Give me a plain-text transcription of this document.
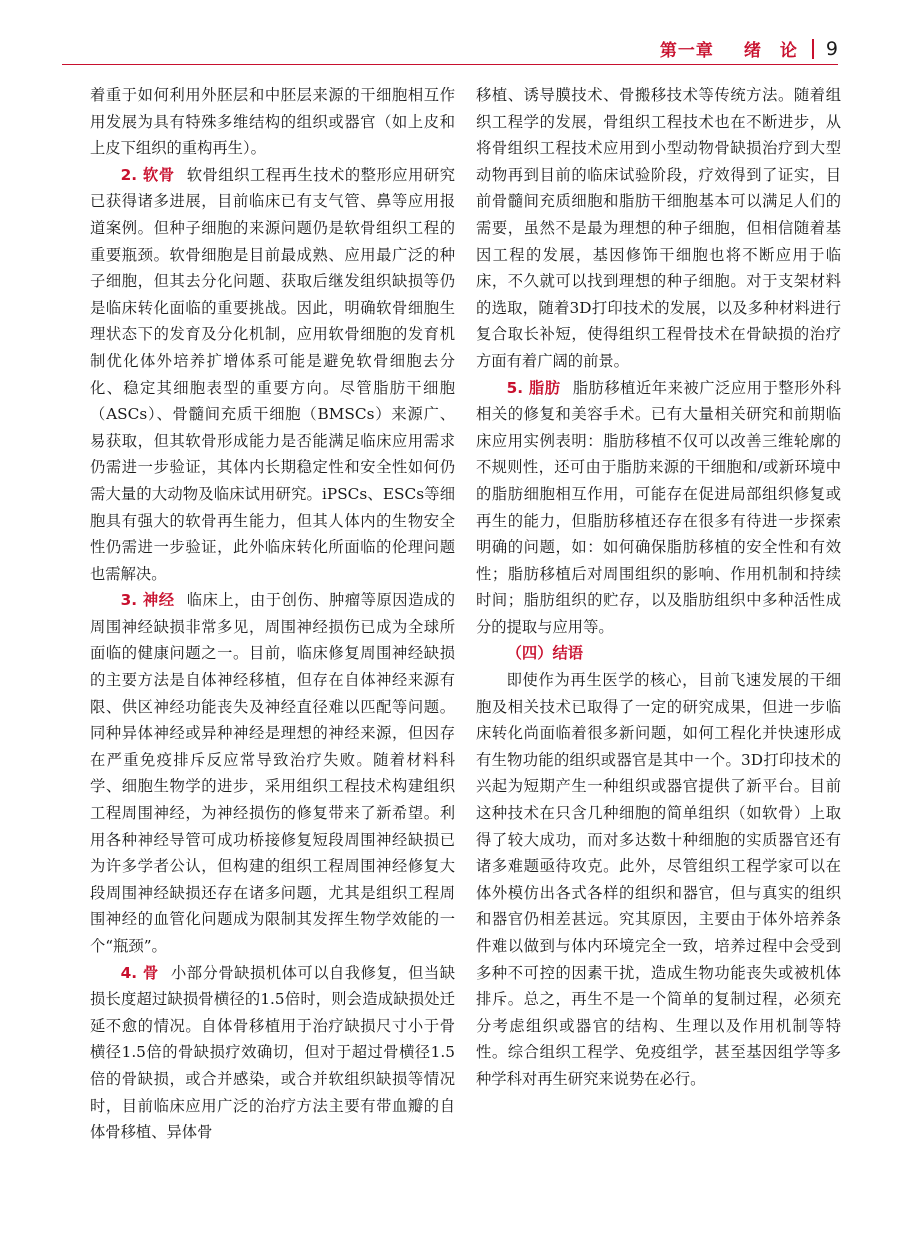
第一章 绪　论 9

着重于如何利用外胚层和中胚层来源的干细胞相互作用发展为具有特殊多维结构的组织或器官（如上皮和上皮下组织的重构再生）。

2. 软骨 软骨组织工程再生技术的整形应用研究已获得诸多进展，目前临床已有支气管、鼻等应用报道案例。但种子细胞的来源问题仍是软骨组织工程的重要瓶颈。软骨细胞是目前最成熟、应用最广泛的种子细胞，但其去分化问题、获取后继发组织缺损等仍是临床转化面临的重要挑战。因此，明确软骨细胞生理状态下的发育及分化机制，应用软骨细胞的发育机制优化体外培养扩增体系可能是避免软骨细胞去分化、稳定其细胞表型的重要方向。尽管脂肪干细胞（ASCs）、骨髓间充质干细胞（BMSCs）来源广、易获取，但其软骨形成能力是否能满足临床应用需求仍需进一步验证，其体内长期稳定性和安全性如何仍需大量的大动物及临床试用研究。iPSCs、ESCs等细胞具有强大的软骨再生能力，但其人体内的生物安全性仍需进一步验证，此外临床转化所面临的伦理问题也需解决。

3. 神经 临床上，由于创伤、肿瘤等原因造成的周围神经缺损非常多见，周围神经损伤已成为全球所面临的健康问题之一。目前，临床修复周围神经缺损的主要方法是自体神经移植，但存在自体神经来源有限、供区神经功能丧失及神经直径难以匹配等问题。同种异体神经或异种神经是理想的神经来源，但因存在严重免疫排斥反应常导致治疗失败。随着材料科学、细胞生物学的进步，采用组织工程技术构建组织工程周围神经，为神经损伤的修复带来了新希望。利用各种神经导管可成功桥接修复短段周围神经缺损已为许多学者公认，但构建的组织工程周围神经修复大段周围神经缺损还存在诸多问题，尤其是组织工程周围神经的血管化问题成为限制其发挥生物学效能的一个“瓶颈”。

4. 骨 小部分骨缺损机体可以自我修复，但当缺损长度超过缺损骨横径的1.5倍时，则会造成缺损处迁延不愈的情况。自体骨移植用于治疗缺损尺寸小于骨横径1.5倍的骨缺损疗效确切，但对于超过骨横径1.5倍的骨缺损，或合并感染，或合并软组织缺损等情况时，目前临床应用广泛的治疗方法主要有带血瓣的自体骨移植、异体骨

移植、诱导膜技术、骨搬移技术等传统方法。随着组织工程学的发展，骨组织工程技术也在不断进步，从将骨组织工程技术应用到小型动物骨缺损治疗到大型动物再到目前的临床试验阶段，疗效得到了证实，目前骨髓间充质细胞和脂肪干细胞基本可以满足人们的需要，虽然不是最为理想的种子细胞，但相信随着基因工程的发展，基因修饰干细胞也将不断应用于临床，不久就可以找到理想的种子细胞。对于支架材料的选取，随着3D打印技术的发展，以及多种材料进行复合取长补短，使得组织工程骨技术在骨缺损的治疗方面有着广阔的前景。

5. 脂肪 脂肪移植近年来被广泛应用于整形外科相关的修复和美容手术。已有大量相关研究和前期临床应用实例表明：脂肪移植不仅可以改善三维轮廓的不规则性，还可由于脂肪来源的干细胞和/或新环境中的脂肪细胞相互作用，可能存在促进局部组织修复或再生的能力，但脂肪移植还存在很多有待进一步探索明确的问题，如：如何确保脂肪移植的安全性和有效性；脂肪移植后对周围组织的影响、作用机制和持续时间；脂肪组织的贮存，以及脂肪组织中多种活性成分的提取与应用等。

（四）结语

即使作为再生医学的核心，目前飞速发展的干细胞及相关技术已取得了一定的研究成果，但进一步临床转化尚面临着很多新问题，如何工程化并快速形成有生物功能的组织或器官是其中一个。3D打印技术的兴起为短期产生一种组织或器官提供了新平台。目前这种技术在只含几种细胞的简单组织（如软骨）上取得了较大成功，而对多达数十种细胞的实质器官还有诸多难题亟待攻克。此外，尽管组织工程学家可以在体外模仿出各式各样的组织和器官，但与真实的组织和器官仍相差甚远。究其原因，主要由于体外培养条件难以做到与体内环境完全一致，培养过程中会受到多种不可控的因素干扰，造成生物功能丧失或被机体排斥。总之，再生不是一个简单的复制过程，必须充分考虑组织或器官的结构、生理以及作用机制等特性。综合组织工程学、免疫组学，甚至基因组学等多种学科对再生研究来说势在必行。
